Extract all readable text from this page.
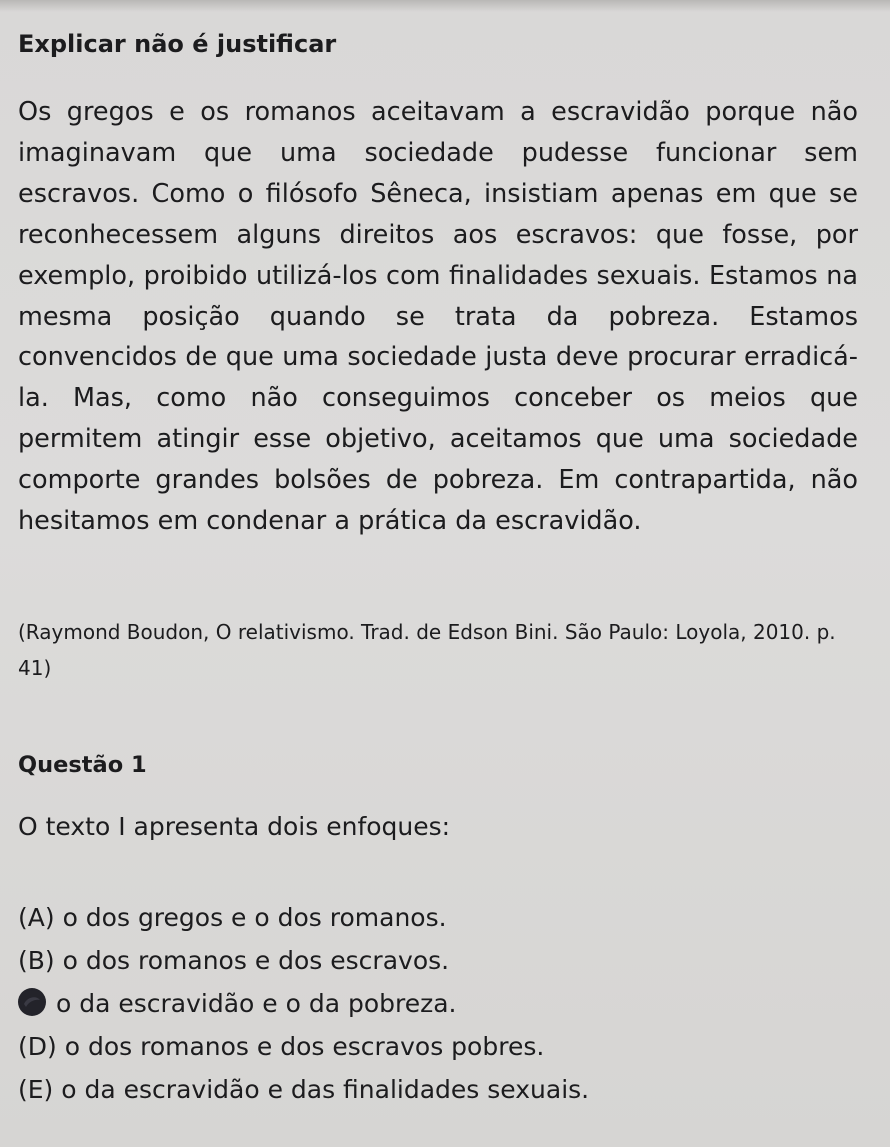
Explicar não é justificar
Os gregos e os romanos aceitavam a escravidão porque não imaginavam que uma sociedade pudesse funcionar sem escravos. Como o filósofo Sêneca, insistiam apenas em que se reconhecessem alguns direitos aos escravos: que fosse, por exemplo, proibido utilizá-los com finalidades sexuais. Estamos na mesma posição quando se trata da pobreza. Estamos convencidos de que uma sociedade justa deve procurar erradicá-la. Mas, como não conseguimos conceber os meios que permitem atingir esse objetivo, aceitamos que uma sociedade comporte grandes bolsões de pobreza. Em contrapartida, não hesitamos em condenar a prática da escravidão.
(Raymond Boudon, O relativismo. Trad. de Edson Bini. São Paulo: Loyola, 2010. p. 41)
Questão 1
O texto I apresenta dois enfoques:
(A) o dos gregos e o dos romanos.
(B) o dos romanos e dos escravos.
o da escravidão e o da pobreza.
(D) o dos romanos e dos escravos pobres.
(E) o da escravidão e das finalidades sexuais.
